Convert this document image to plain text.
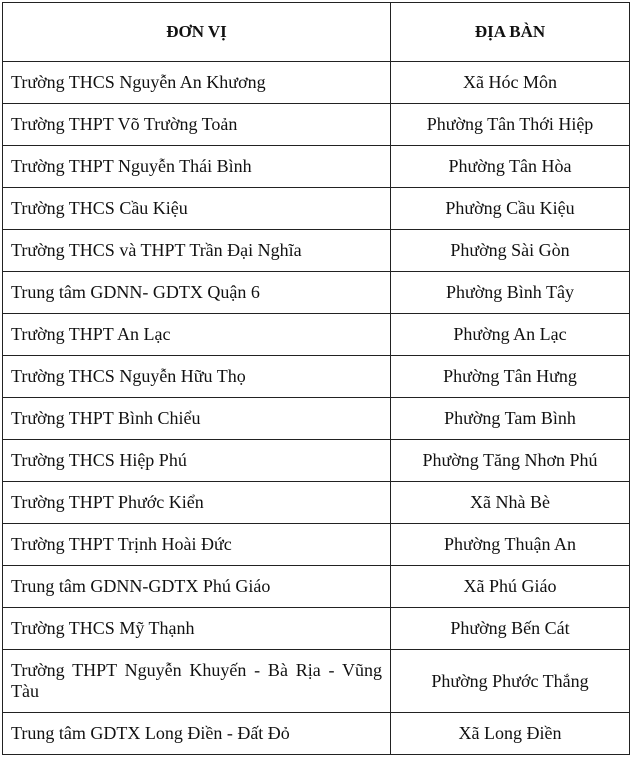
ĐƠN VỊ	ĐỊA BÀN
Trường THCS Nguyễn An Khương	Xã Hóc Môn
Trường THPT Võ Trường Toản	Phường Tân Thới Hiệp
Trường THPT Nguyễn Thái Bình	Phường Tân Hòa
Trường THCS Cầu Kiệu	Phường Cầu Kiệu
Trường THCS và THPT Trần Đại Nghĩa	Phường Sài Gòn
Trung tâm GDNN- GDTX Quận 6	Phường Bình Tây
Trường THPT An Lạc	Phường An Lạc
Trường THCS Nguyễn Hữu Thọ	Phường Tân Hưng
Trường THPT Bình Chiểu	Phường Tam Bình
Trường THCS Hiệp Phú	Phường Tăng Nhơn Phú
Trường THPT Phước Kiển	Xã Nhà Bè
Trường THPT Trịnh Hoài Đức	Phường Thuận An
Trung tâm GDNN-GDTX Phú Giáo	Xã Phú Giáo
Trường THCS Mỹ Thạnh	Phường Bến Cát
Trường THPT Nguyễn Khuyến - Bà Rịa - Vũng Tàu	Phường Phước Thắng
Trung tâm GDTX Long Điền - Đất Đỏ	Xã Long Điền
